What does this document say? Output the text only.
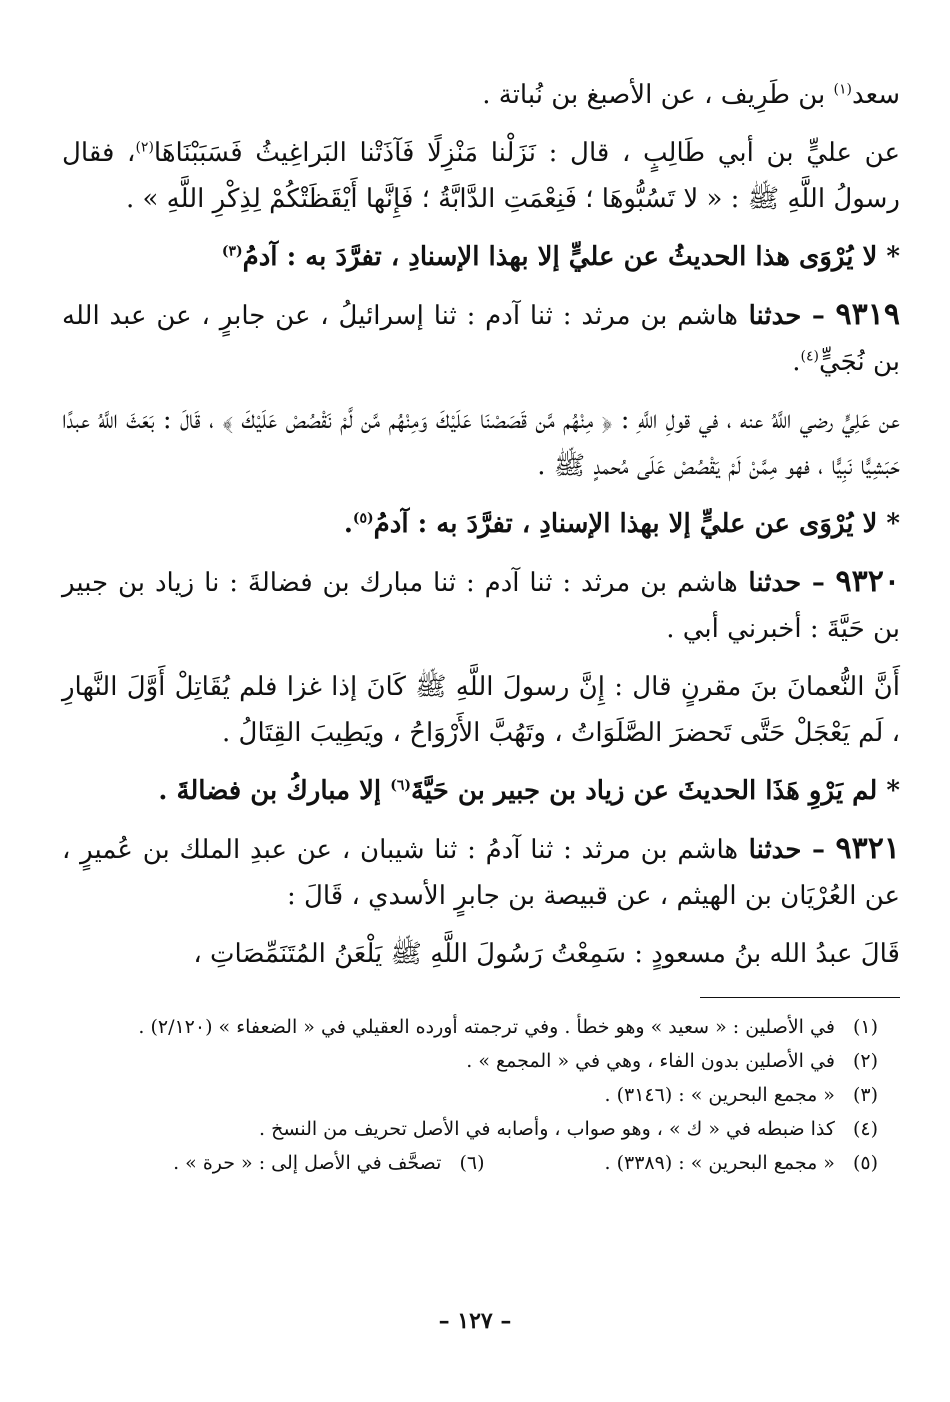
سعد$^{(١)}$ بن طَرِيف ، عن الأصبغ بن نُباتة .

عن عليٍّ بن أبي طَالِبٍ ، قال : نَزَلْنا مَنْزِلًا فَآذَتْنا البَراغِيثُ فَسَبَبْنَاهَا$^{(٢)}$، فقال رسولُ اللَّهِ ﷺ : « لا تَسُبُّوهَا ؛ فَنِعْمَتِ الدَّابَّةُ ؛ فَإِنَّها أَيْقَظَتْكُمْ لِذِكْرِ اللَّهِ » .

* لا يُرْوَى هذا الحديثُ عن عليٍّ إلا بهذا الإسنادِ ، تفرَّدَ به : آدمُ$^{(٣)}$

٩٣١٩ – حدثنا هاشم بن مرثد : ثنا آدم : ثنا إسرائيلُ ، عن جابرٍ ، عن عبد الله بن نُجَيٍّ$^{(٤)}$.

عن عَلِيٍّ رضي اللَّهُ عنه ، في قولِ اللَّهِ : ﴿ مِنْهُم مَّن قَصَصْنَا عَلَيْكَ وَمِنْهُم مَّن لَّمْ نَقْصُصْ عَلَيْكَ ﴾ ، قَالَ : بَعَثَ اللَّهُ عبدًا حَبَشِيًّا نَبِيًّا ، فهو مِمَّنْ لَمْ يَقْصُصْ عَلَى مُحمدٍ ﷺ .

* لا يُرْوَى عن عليٍّ إلا بهذا الإسنادِ ، تفرَّدَ به : آدمُ$^{(٥)}$.

٩٣٢٠ – حدثنا هاشم بن مرثد : ثنا آدم : ثنا مبارك بن فضالةَ : نا زياد بن جبير بن حَيَّةَ : أخبرني أبي .

أَنَّ النُّعمانَ بنَ مقرنٍ قال : إِنَّ رسولَ اللَّهِ ﷺ كَانَ إذا غزا فلم يُقَاتِلْ أَوَّلَ النَّهارِ ، لَم يَعْجَلْ حَتَّى تَحضرَ الصَّلَوَاتُ ، وتَهُبَّ الأَرْوَاحُ ، ويَطِيبَ القِتَالُ .

* لم يَرْوِ هَذَا الحديثَ عن زياد بن جبير بن حَيَّةَ$^{(٦)}$ إلا مباركُ بن فضالةَ .

٩٣٢١ – حدثنا هاشم بن مرثد : ثنا آدمُ : ثنا شيبان ، عن عبدِ الملك بن عُميرٍ ، عن العُرْيَان بن الهيثم ، عن قبيصة بن جابرٍ الأسدي ، قَالَ :

قَالَ عبدُ الله بنُ مسعودٍ : سَمِعْتُ رَسُولَ اللَّهِ ﷺ يَلْعَنُ المُتَنَمِّصَاتِ ،

(١)في الأصلين : « سعيد » وهو خطأ . وفي ترجمته أورده العقيلي في « الضعفاء » (٢/١٢٠) .

(٢)في الأصلين بدون الفاء ، وهي في « المجمع » .

(٣)« مجمع البحرين » : (٣١٤٦) .

(٤)كذا ضبطه في « ك » ، وهو صواب ، وأصابه في الأصل تحريف من النسخ .

(٥)« مجمع البحرين » : (٣٣٨٩) .(٦)تصحَّف في الأصل إلى : « حرة » .

– ١٢٧ –
